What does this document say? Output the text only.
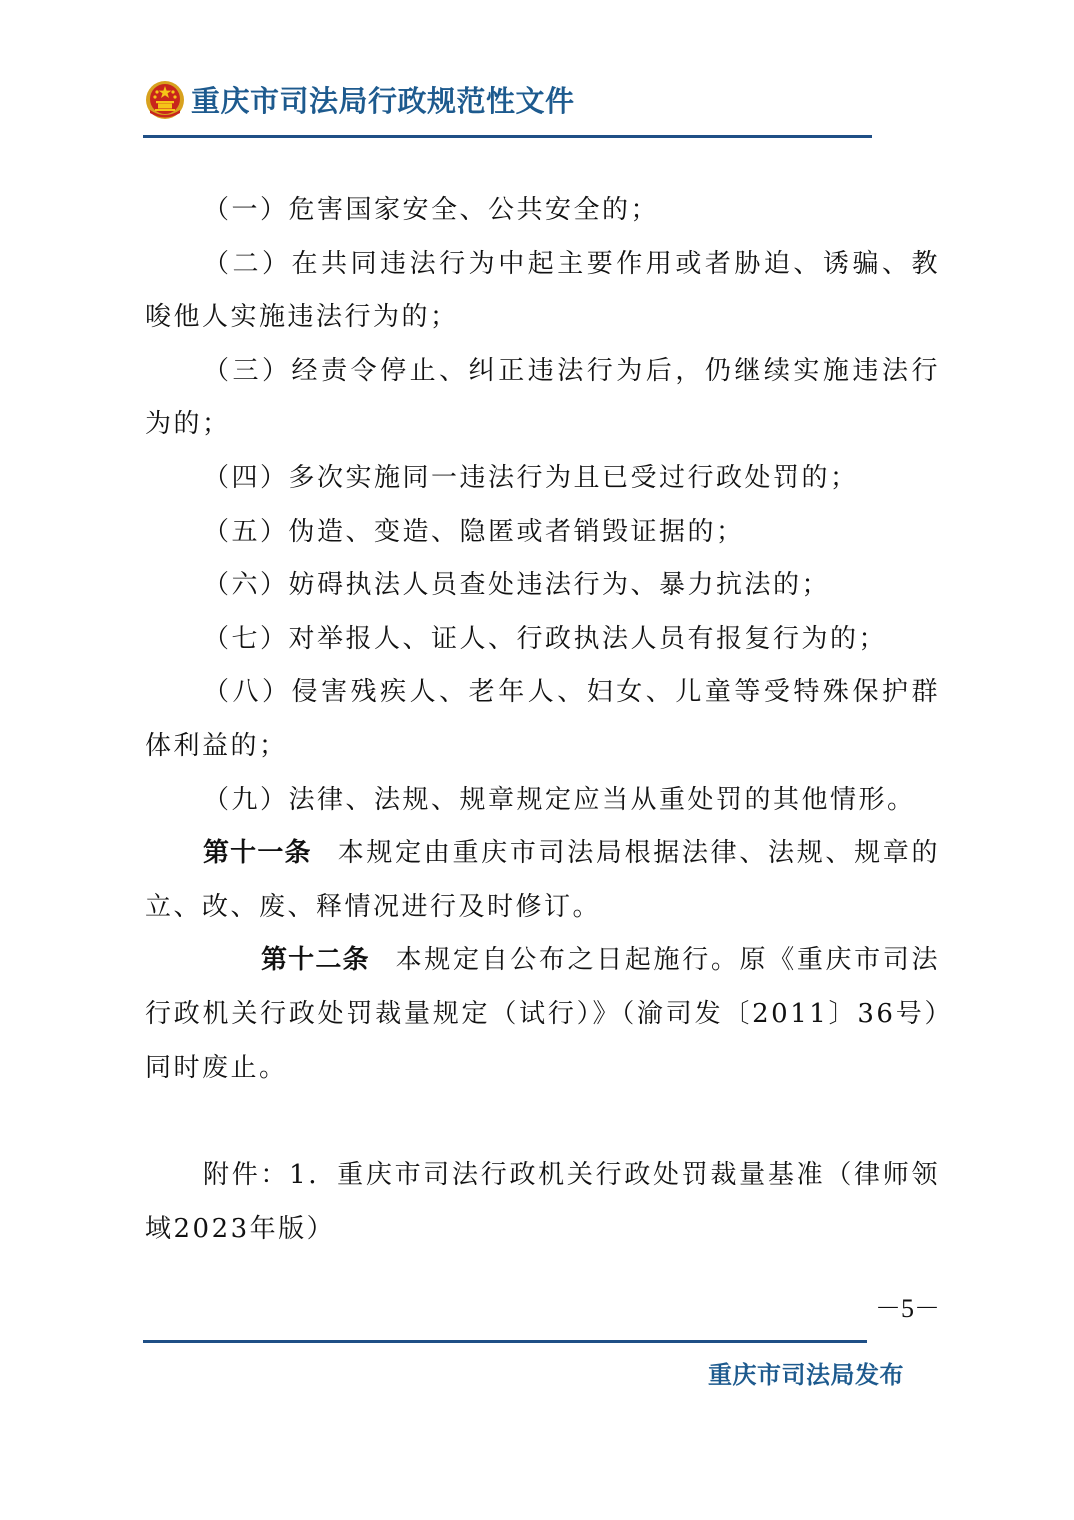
重庆市司法局行政规范性文件

（一）危害国家安全、公共安全的；

（二）在共同违法行为中起主要作用或者胁迫、诱骗、教唆他人实施违法行为的；

（三）经责令停止、纠正违法行为后，仍继续实施违法行为的；

（四）多次实施同一违法行为且已受过行政处罚的；

（五）伪造、变造、隐匿或者销毁证据的；

（六）妨碍执法人员查处违法行为、暴力抗法的；

（七）对举报人、证人、行政执法人员有报复行为的；

（八）侵害残疾人、老年人、妇女、儿童等受特殊保护群体利益的；

（九）法律、法规、规章规定应当从重处罚的其他情形。

第十一条 本规定由重庆市司法局根据法律、法规、规章的立、改、废、释情况进行及时修订。

第十二条 本规定自公布之日起施行。原《重庆市司法行政机关行政处罚裁量规定（试行）》（渝司发〔2011〕36号）同时废止。

附件：1．重庆市司法行政机关行政处罚裁量基准（律师领域2023年版）

－5－
重庆市司法局发布
